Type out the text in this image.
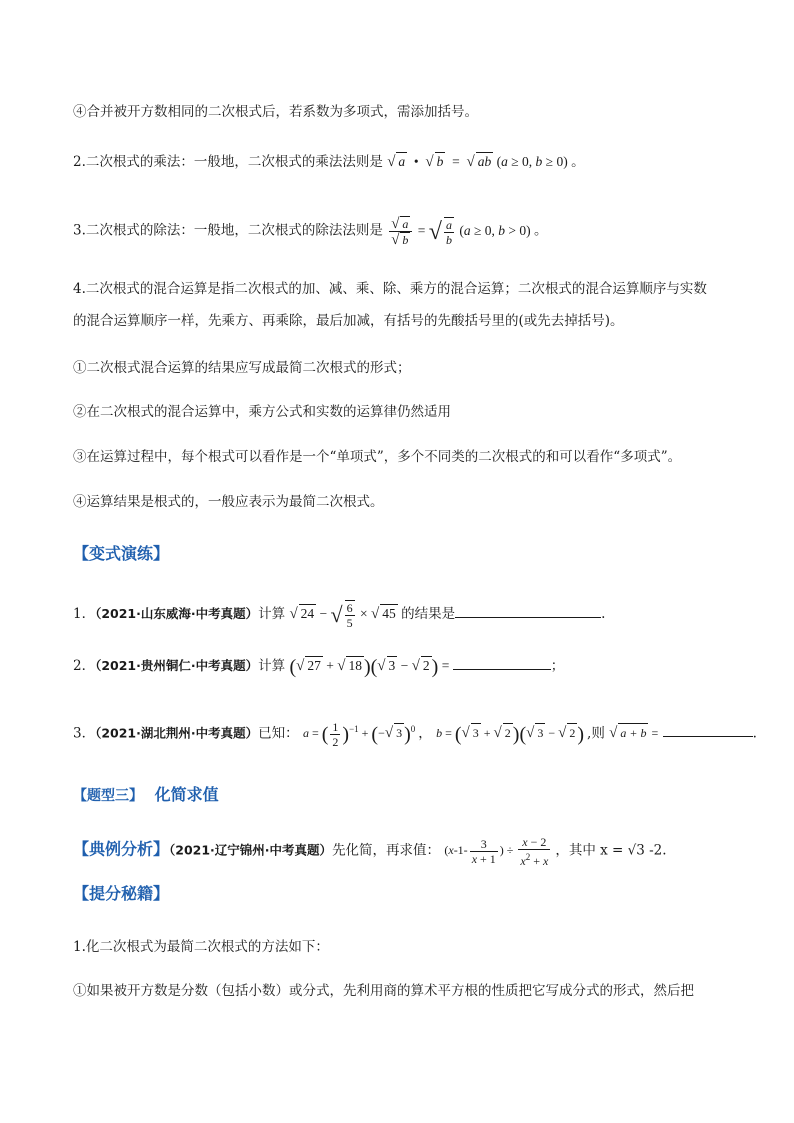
④合并被开方数相同的二次根式后，若系数为多项式，需添加括号。
2.二次根式的乘法：一般地，二次根式的乘法法则是 √ a  •  √ b  =  √ ab (a ≥ 0, b ≥ 0) 。
3.二次根式的除法：一般地，二次根式的除法法则是 $\frac{√ a}{√ b}$ = √ $\frac{a}{b} (a \ge 0$, b > 0) 。
4.二次根式的混合运算是指二次根式的加、减、乘、除、乘方的混合运算；二次根式的混合运算顺序与实数
的混合运算顺序一样，先乘方、再乘除，最后加减，有括号的先酸括号里的(或先去掉括号)。
①二次根式混合运算的结果应写成最简二次根式的形式；
②在二次根式的混合运算中，乘方公式和实数的运算律仍然适用
③在运算过程中，每个根式可以看作是一个“单项式”，多个不同类的二次根式的和可以看作“多项式”。
④运算结果是根式的，一般应表示为最简二次根式。
【变式演练】
1．（2021·山东威海·中考真题）计算 √ 24 − √ $\frac{6}{5}$ × √ 45 的结果是	.
2．（2021·贵州铜仁·中考真题）计算 (√ 27 + √ 18 )(√ 3 − √ 2 ) =	；
3．（2021·湖北荆州·中考真题）已知： a = ( $\frac{1}{2} )^{-1}$ + (−√ 3 )$^0$ ， b = (√ 3 + √ 2 )(√ 3 − √ 2 ) ,则 √ a + b =	.
【题型三】 化简求值
【典例分析】（2021·辽宁锦州·中考真题）先化简，再求值： ($x-1- \frac{3}{x + 1}$ ) ÷ $\frac{x - 2}{x^2 + x}$ ，其中 x = √3 -2.
【提分秘籍】
1.化二次根式为最简二次根式的方法如下：
①如果被开方数是分数（包括小数）或分式，先利用商的算术平方根的性质把它写成分式的形式，然后把
